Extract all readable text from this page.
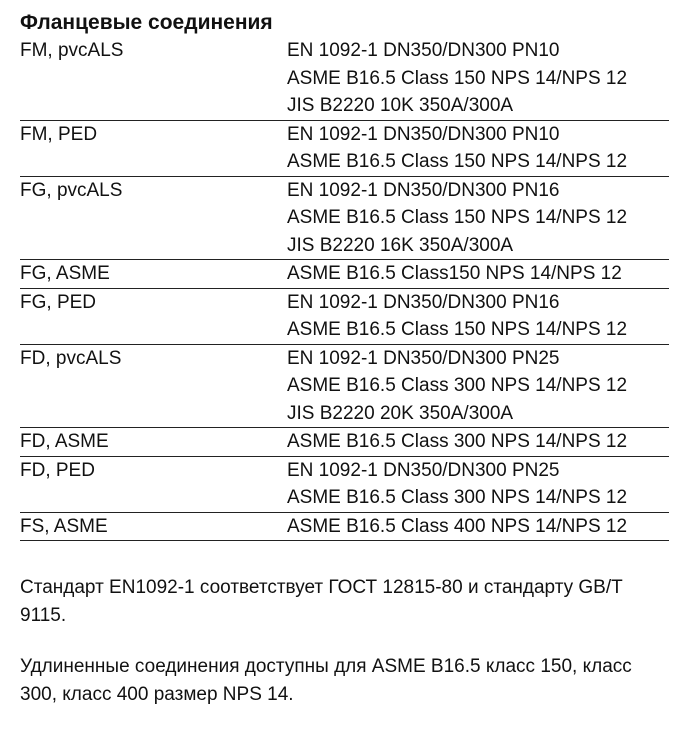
Фланцевые соединения
FM, pvcALS	EN 1092-1 DN350/DN300 PN10
ASME B16.5 Class 150 NPS 14/NPS 12
JIS B2220 10K 350A/300A

FM, PED	EN 1092-1 DN350/DN300 PN10
ASME B16.5 Class 150 NPS 14/NPS 12

FG, pvcALS	EN 1092-1 DN350/DN300 PN16
ASME B16.5 Class 150 NPS 14/NPS 12
JIS B2220 16K 350A/300A

FG, ASME	ASME B16.5 Class150 NPS 14/NPS 12

FG, PED	EN 1092-1 DN350/DN300 PN16
ASME B16.5 Class 150 NPS 14/NPS 12

FD, pvcALS	EN 1092-1 DN350/DN300 PN25
ASME B16.5 Class 300 NPS 14/NPS 12
JIS B2220 20K 350A/300A

FD, ASME	ASME B16.5 Class 300 NPS 14/NPS 12

FD, PED	EN 1092-1 DN350/DN300 PN25
ASME B16.5 Class 300 NPS 14/NPS 12

FS, ASME	ASME B16.5 Class 400 NPS 14/NPS 12

Стандарт EN1092-1 соответствует ГОСТ 12815-80 и стандарту GB/T 9115.

Удлиненные соединения доступны для ASME B16.5 класс 150, класс 300, класс 400 размер NPS 14.
